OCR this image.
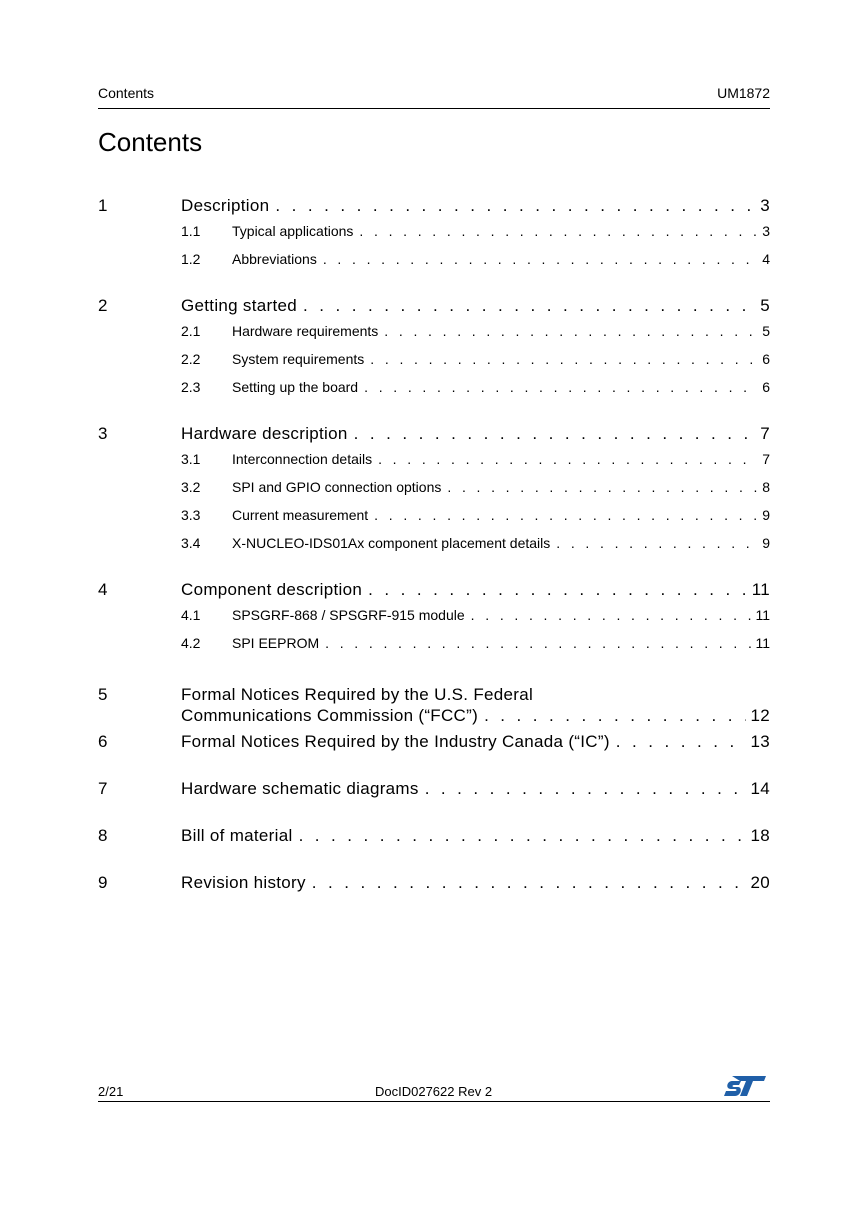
Contents	UM1872
Contents
1	Description . . .	3
1.1 Typical applications . . .	3
1.2 Abbreviations . . .	4
2	Getting started . . .	5
2.1 Hardware requirements . . .	5
2.2 System requirements . . .	6
2.3 Setting up the board . . .	6
3	Hardware description . . .	7
3.1 Interconnection details . . .	7
3.2 SPI and GPIO connection options . . .	8
3.3 Current measurement . . .	9
3.4 X-NUCLEO-IDS01Ax component placement details . . .	9
4	Component description . . .	11
4.1 SPSGRF-868 / SPSGRF-915 module . . .	11
4.2 SPI EEPROM . . .	11
5	Formal Notices Required by the U.S. Federal
Communications Commission (“FCC”) . . .	12
6	Formal Notices Required by the Industry Canada (“IC”) . . .	13
7	Hardware schematic diagrams . . .	14
8	Bill of material . . .	18
9	Revision history . . .	20
2/21	DocID027622 Rev 2
